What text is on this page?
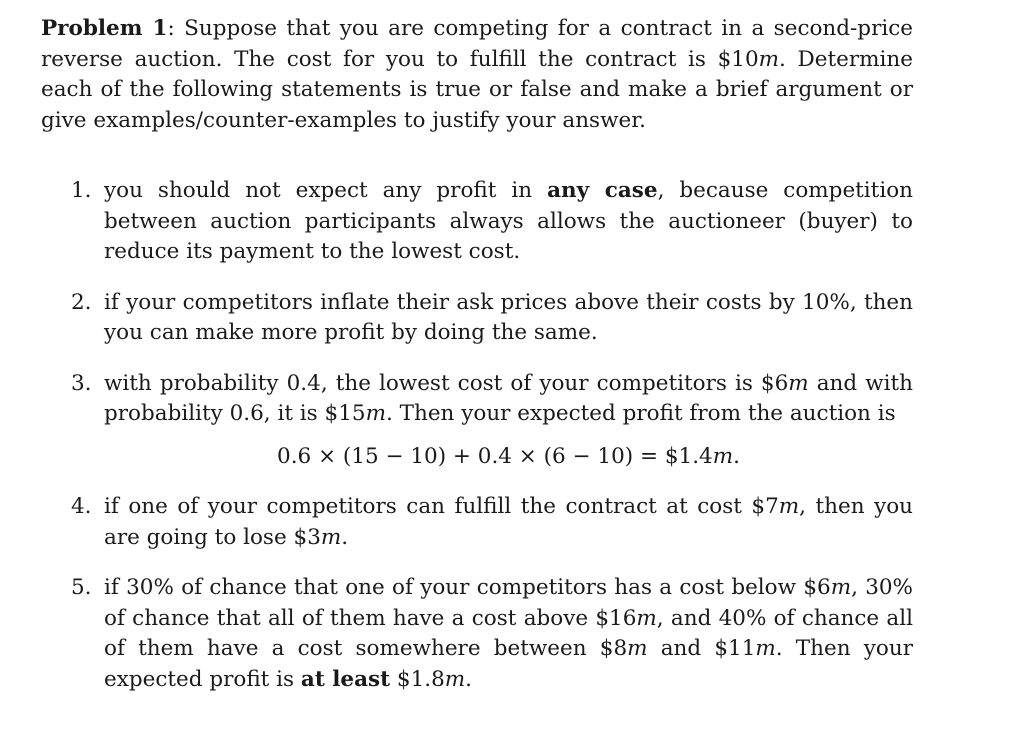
Problem 1: Suppose that you are competing for a contract in a second-price reverse auction. The cost for you to fulfill the contract is $10m. Determine each of the following statements is true or false and make a brief argument or give examples/counter-examples to justify your answer.

1. you should not expect any profit in any case, because competition between auction participants always allows the auctioneer (buyer) to reduce its payment to the lowest cost.
2. if your competitors inflate their ask prices above their costs by 10%, then you can make more profit by doing the same.
3. with probability 0.4, the lowest cost of your competitors is $6m and with probability 0.6, it is $15m. Then your expected profit from the auction is
0.6 × (15 − 10) + 0.4 × (6 − 10) = $1.4m.
4. if one of your competitors can fulfill the contract at cost $7m, then you are going to lose $3m.
5. if 30% of chance that one of your competitors has a cost below $6m, 30% of chance that all of them have a cost above $16m, and 40% of chance all of them have a cost somewhere between $8m and $11m. Then your expected profit is at least $1.8m.
